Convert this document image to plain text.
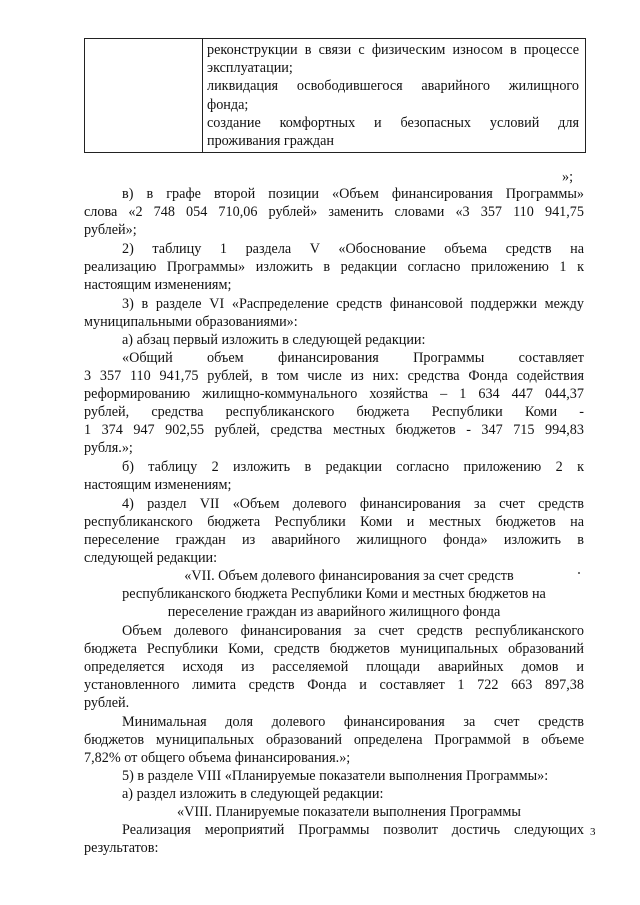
реконструкции в связи с физическим износом в процессе
эксплуатации;
ликвидация освободившегося аварийного жилищного
фонда;
создание комфортных и безопасных условий для
проживания граждан
»;
в) в графе второй позиции «Объем финансирования Программы»
слова «2 748 054 710,06 рублей» заменить словами «3 357 110 941,75
рублей»;
2) таблицу 1 раздела V «Обоснование объема средств на
реализацию Программы» изложить в редакции согласно приложению 1 к
настоящим изменениям;
3) в разделе VI «Распределение средств финансовой поддержки между
муниципальными образованиями»:
а) абзац первый изложить в следующей редакции:
«Общий объем финансирования Программы составляет
3 357 110 941,75 рублей, в том числе из них: средства Фонда содействия
реформированию жилищно-коммунального хозяйства – 1 634 447 044,37
рублей, средства республиканского бюджета Республики Коми -
1 374 947 902,55 рублей, средства местных бюджетов - 347 715 994,83
рубля.»;
б) таблицу 2 изложить в редакции согласно приложению 2 к
настоящим изменениям;
4) раздел VII «Объем долевого финансирования за счет средств
республиканского бюджета Республики Коми и местных бюджетов на
переселение граждан из аварийного жилищного фонда» изложить в
следующей редакции:
«VII. Объем долевого финансирования за счет средств
республиканского бюджета Республики Коми и местных бюджетов на
переселение граждан из аварийного жилищного фонда
Объем долевого финансирования за счет средств республиканского
бюджета Республики Коми, средств бюджетов муниципальных образований
определяется исходя из расселяемой площади аварийных домов и
установленного лимита средств Фонда и составляет 1 722 663 897,38
рублей.
Минимальная доля долевого финансирования за счет средств
бюджетов муниципальных образований определена Программой в объеме
7,82% от общего объема финансирования.»;
5) в разделе VIII «Планируемые показатели выполнения Программы»:
а) раздел изложить в следующей редакции:
«VIII. Планируемые показатели выполнения Программы
Реализация мероприятий Программы позволит достичь следующих
результатов:
3
